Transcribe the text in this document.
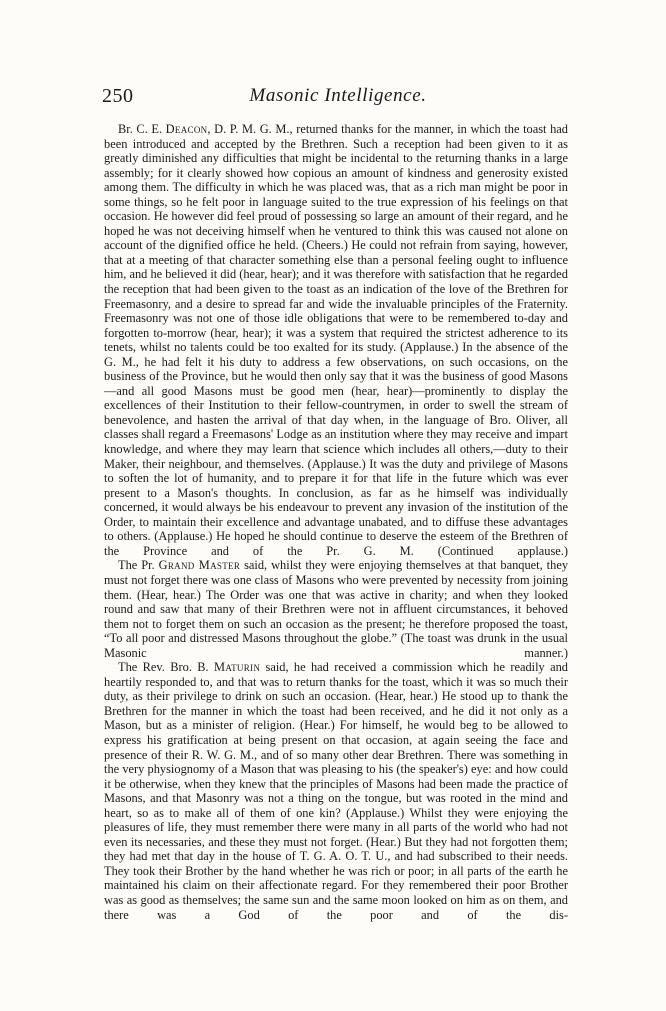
250	Masonic Intelligence.

Br. C. E. Deacon, D. P. M. G. M., returned thanks for the manner, in which the toast had been introduced and accepted by the Brethren. Such a reception had been given to it as greatly diminished any difficulties that might be incidental to the returning thanks in a large assembly; for it clearly showed how copious an amount of kindness and generosity existed among them. The difficulty in which he was placed was, that as a rich man might be poor in some things, so he felt poor in language suited to the true expression of his feelings on that occasion. He however did feel proud of possessing so large an amount of their regard, and he hoped he was not deceiving himself when he ventured to think this was caused not alone on account of the dignified office he held. (Cheers.) He could not refrain from saying, however, that at a meeting of that character something else than a personal feeling ought to influence him, and he believed it did (hear, hear); and it was therefore with satisfaction that he regarded the reception that had been given to the toast as an indication of the love of the Brethren for Freemasonry, and a desire to spread far and wide the invaluable principles of the Fraternity. Freemasonry was not one of those idle obligations that were to be remembered to-day and forgotten to-morrow (hear, hear); it was a system that required the strictest adherence to its tenets, whilst no talents could be too exalted for its study. (Applause.) In the absence of the G. M., he had felt it his duty to address a few observations, on such occasions, on the business of the Province, but he would then only say that it was the business of good Masons—and all good Masons must be good men (hear, hear)—prominently to display the excellences of their Institution to their fellow-countrymen, in order to swell the stream of benevolence, and hasten the arrival of that day when, in the language of Bro. Oliver, all classes shall regard a Freemasons' Lodge as an institution where they may receive and impart knowledge, and where they may learn that science which includes all others,—duty to their Maker, their neighbour, and themselves. (Applause.) It was the duty and privilege of Masons to soften the lot of humanity, and to prepare it for that life in the future which was ever present to a Mason's thoughts. In conclusion, as far as he himself was individually concerned, it would always be his endeavour to prevent any invasion of the institution of the Order, to maintain their excellence and advantage unabated, and to diffuse these advantages to others. (Applause.) He hoped he should continue to deserve the esteem of the Brethren of the Province and of the Pr. G. M. (Continued applause.)

The Pr. Grand Master said, whilst they were enjoying themselves at that banquet, they must not forget there was one class of Masons who were prevented by necessity from joining them. (Hear, hear.) The Order was one that was active in charity; and when they looked round and saw that many of their Brethren were not in affluent circumstances, it behoved them not to forget them on such an occasion as the present; he therefore proposed the toast, “To all poor and distressed Masons throughout the globe.” (The toast was drunk in the usual Masonic manner.)

The Rev. Bro. B. Maturin said, he had received a commission which he readily and heartily responded to, and that was to return thanks for the toast, which it was so much their duty, as their privilege to drink on such an occasion. (Hear, hear.) He stood up to thank the Brethren for the manner in which the toast had been received, and he did it not only as a Mason, but as a minister of religion. (Hear.) For himself, he would beg to be allowed to express his gratification at being present on that occasion, at again seeing the face and presence of their R. W. G. M., and of so many other dear Brethren. There was something in the very physiognomy of a Mason that was pleasing to his (the speaker's) eye: and how could it be otherwise, when they knew that the principles of Masons had been made the practice of Masons, and that Masonry was not a thing on the tongue, but was rooted in the mind and heart, so as to make all of them of one kin? (Applause.) Whilst they were enjoying the pleasures of life, they must remember there were many in all parts of the world who had not even its necessaries, and these they must not forget. (Hear.) But they had not forgotten them; they had met that day in the house of T. G. A. O. T. U., and had subscribed to their needs. They took their Brother by the hand whether he was rich or poor; in all parts of the earth he maintained his claim on their affectionate regard. For they remembered their poor Brother was as good as themselves; the same sun and the same moon looked on him as on them, and there was a God of the poor and of the dis-
